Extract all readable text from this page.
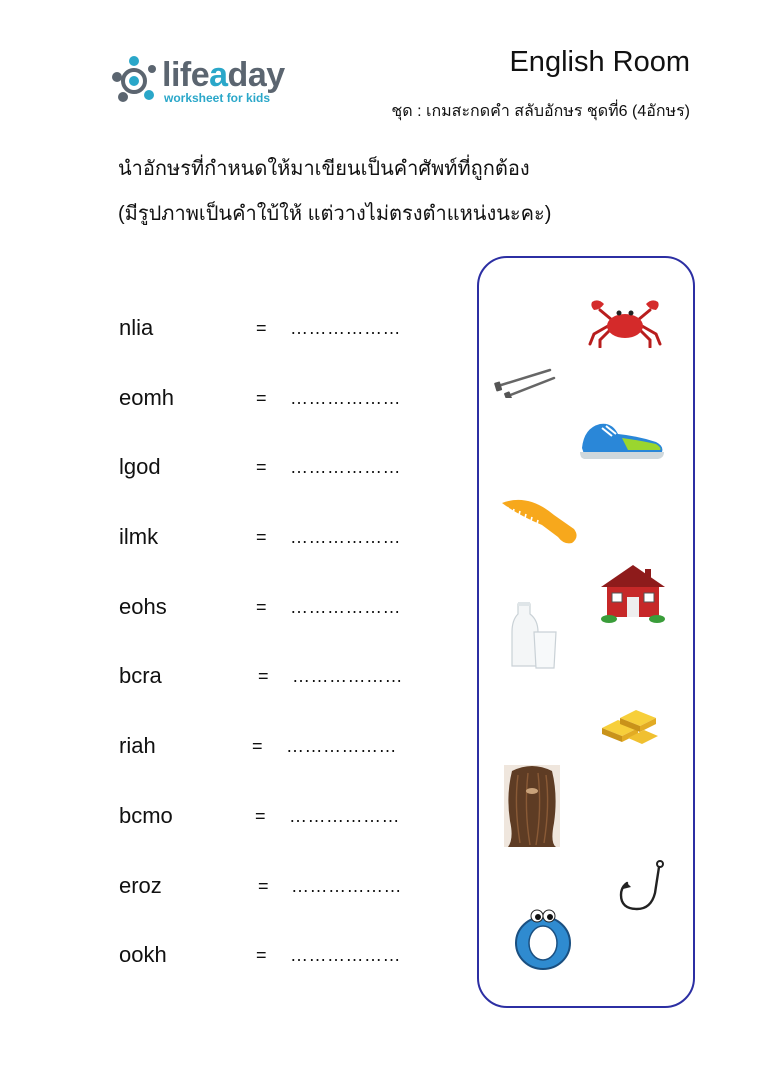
lifeaday
worksheet for kids
English Room
ชุด : เกมสะกดคำ สลับอักษร ชุดที่6 (4อักษร)
นำอักษรที่กำหนดให้มาเขียนเป็นคำศัพท์ที่ถูกต้อง
(มีรูปภาพเป็นคำใบ้ให้ แต่วางไม่ตรงตำแหน่งนะคะ)
nlia	= ………………
eomh	= ………………
lgod	= ………………
ilmk	= ………………
eohs	= ………………
bcra	= ………………
riah	= ………………
bcmo	= ………………
eroz	= ………………
ookh	= ………………
